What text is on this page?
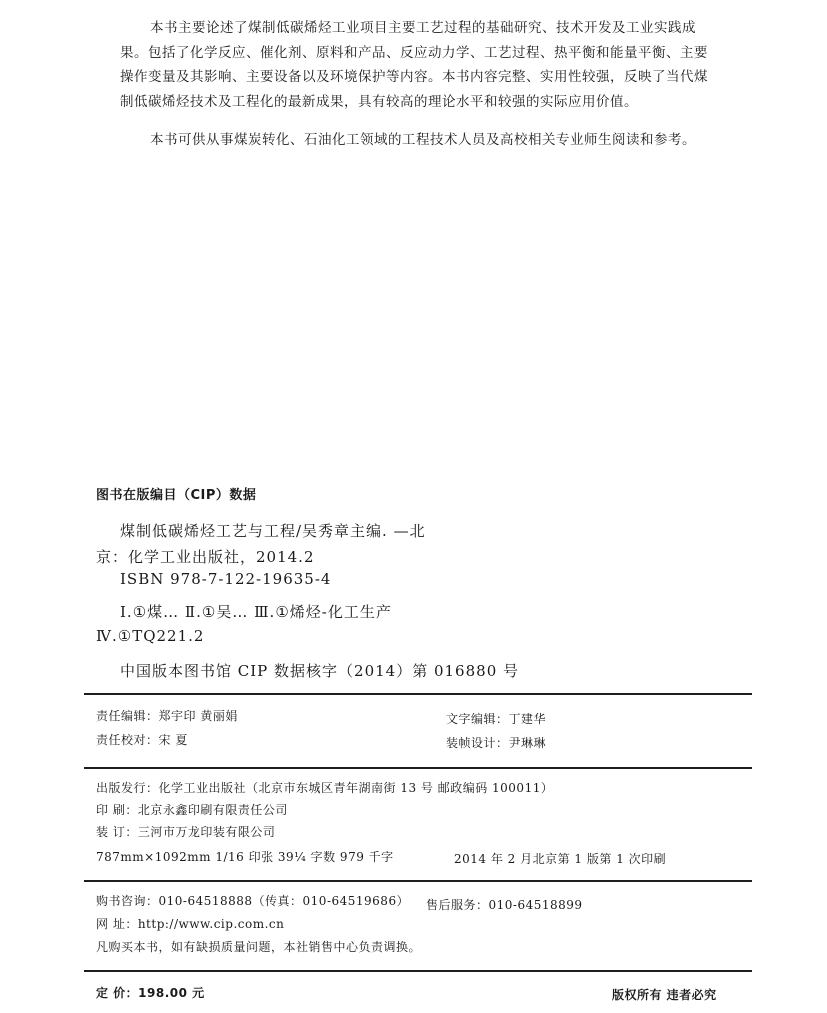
本书主要论述了煤制低碳烯烃工业项目主要工艺过程的基础研究、技术开发及工业实践成果。包括了化学反应、催化剂、原料和产品、反应动力学、工艺过程、热平衡和能量平衡、主要操作变量及其影响、主要设备以及环境保护等内容。本书内容完整、实用性较强，反映了当代煤制低碳烯烃技术及工程化的最新成果，具有较高的理论水平和较强的实际应用价值。
本书可供从事煤炭转化、石油化工领域的工程技术人员及高校相关专业师生阅读和参考。
图书在版编目（CIP）数据
煤制低碳烯烃工艺与工程/吴秀章主编. —北
京：化学工业出版社，2014.2
ISBN 978-7-122-19635-4
Ⅰ.①煤… Ⅱ.①吴… Ⅲ.①烯烃-化工生产
Ⅳ.①TQ221.2
中国版本图书馆 CIP 数据核字（2014）第 016880 号
责任编辑：郑宇印 黄丽娟	文字编辑：丁建华
责任校对：宋 夏	装帧设计：尹琳琳
出版发行：化学工业出版社（北京市东城区青年湖南街 13 号 邮政编码 100011）
印 刷：北京永鑫印刷有限责任公司
装 订：三河市万龙印装有限公司
787mm×1092mm 1/16 印张 39¼ 字数 979 千字	2014 年 2 月北京第 1 版第 1 次印刷
购书咨询：010-64518888（传真：010-64519686） 售后服务：010-64518899
网 址：http://www.cip.com.cn
凡购买本书，如有缺损质量问题，本社销售中心负责调换。
定 价：198.00 元	版权所有 违者必究
